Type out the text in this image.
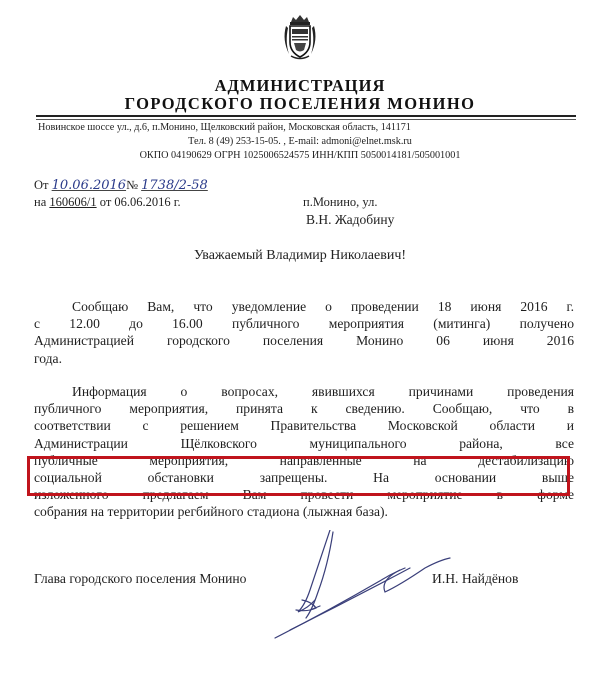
АДМИНИСТРАЦИЯ
ГОРОДСКОГО ПОСЕЛЕНИЯ МОНИНО
Новинское шоссе ул., д.6, п.Монино, Щелковский район, Московская область, 141171
Тел. 8 (49) 253-15-05. , E-mail: admoni@elnet.msk.ru
ОКПО 04190629 ОГРН 1025006524575 ИНН/КПП 5050014181/505001001
От 10.06.2016№ 1738/2-58
на 160606/1 от 06.06.2016 г.	п.Монино, ул.
В.Н. Жадобину
Уважаемый Владимир Николаевич!
Сообщаю Вам, что уведомление о проведении 18 июня 2016 г.
с 12.00 до 16.00 публичного мероприятия (митинга) получено
Администрацией городского поселения Монино 06 июня 2016
года.
Информация о вопросах, явившихся причинами проведения
публичного мероприятия, принята к сведению. Сообщаю, что в
соответствии с решением Правительства Московской области и
Администрации Щёлковского муниципального района, все
публичные мероприятия, направленные на дестабилизацию
социальной обстановки запрещены. На основании выше
изложенного предлагаем Вам провести мероприятие в форме
собрания на территории регбийного стадиона (лыжная база).
Глава городского поселения Монино	И.Н. Найдёнов
